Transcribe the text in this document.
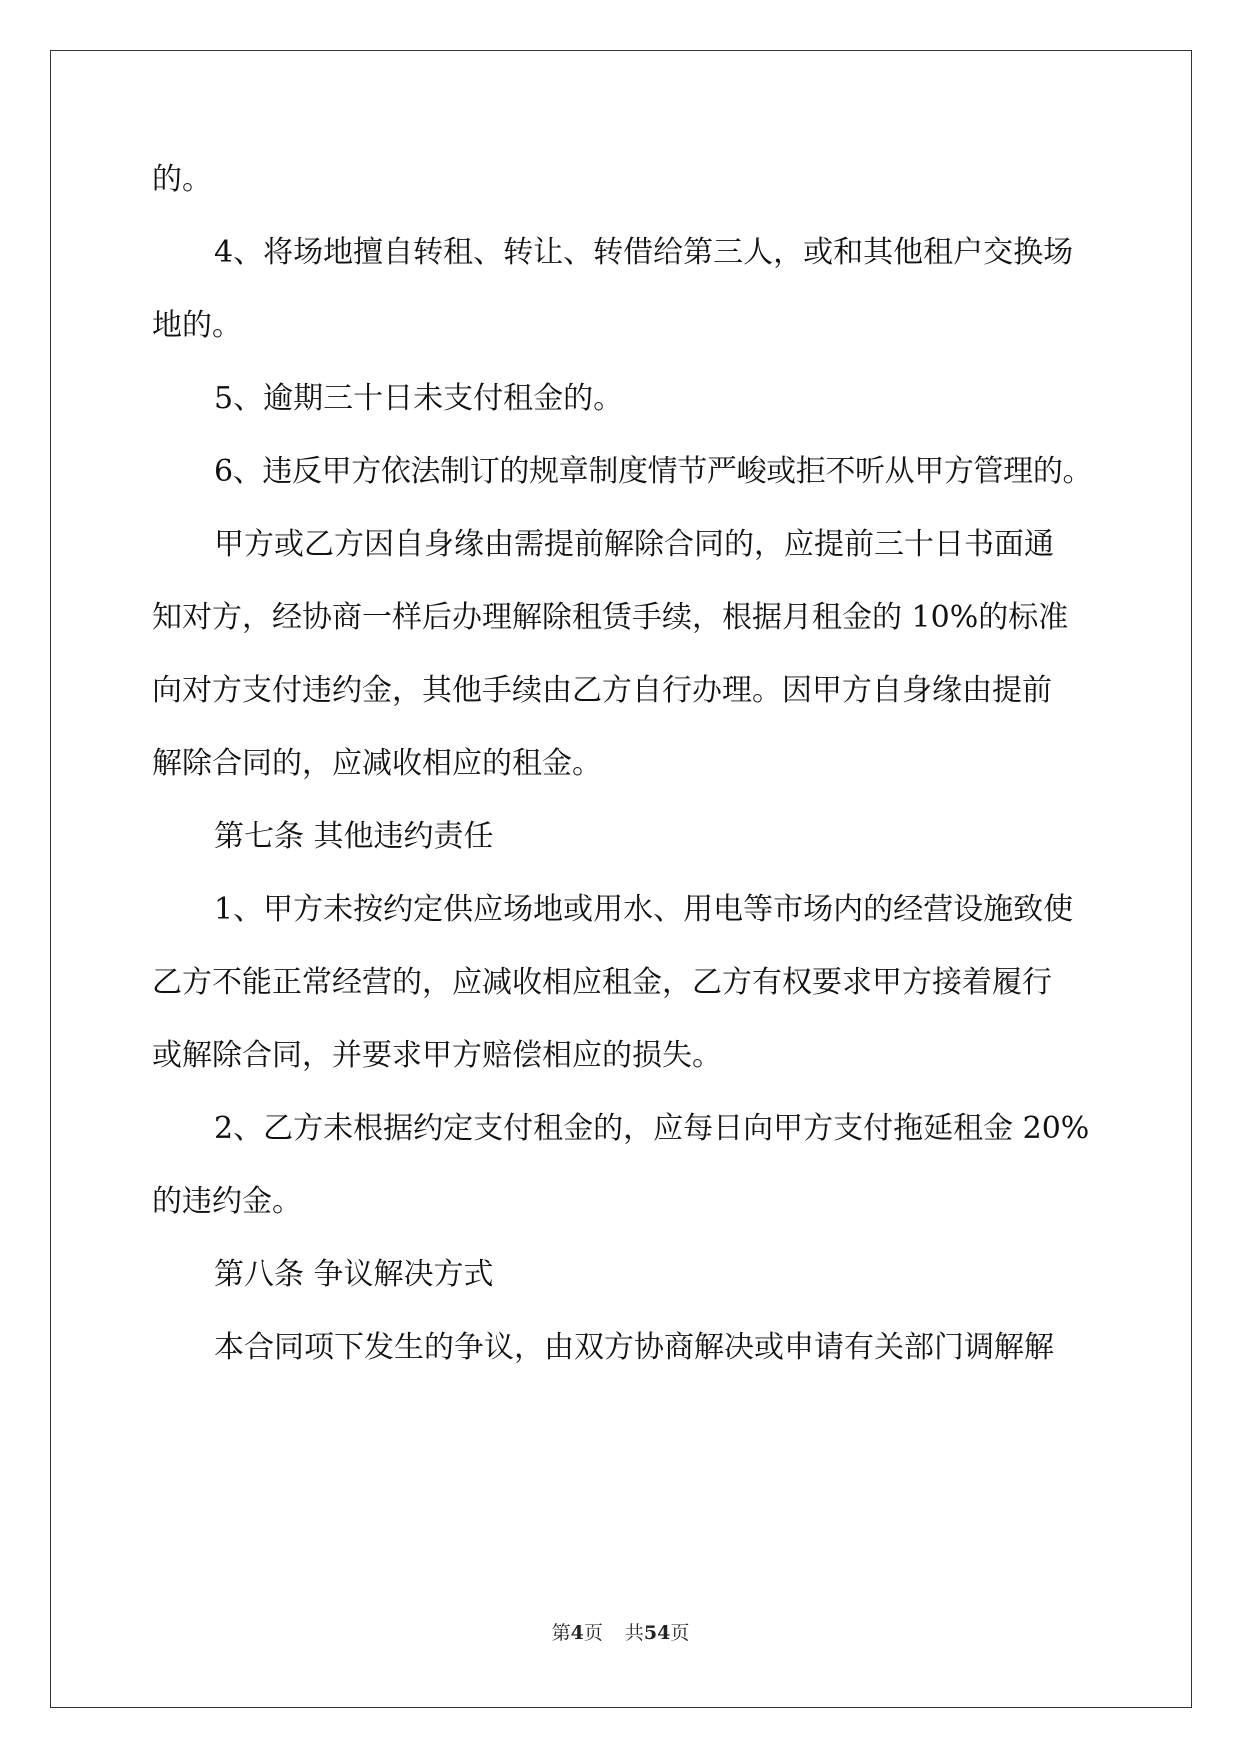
的。
4、将场地擅自转租、转让、转借给第三人，或和其他租户交换场
地的。
5、逾期三十日未支付租金的。
6、违反甲方依法制订的规章制度情节严峻或拒不听从甲方管理的。
甲方或乙方因自身缘由需提前解除合同的，应提前三十日书面通
知对方，经协商一样后办理解除租赁手续，根据月租金的 10%的标准
向对方支付违约金，其他手续由乙方自行办理。因甲方自身缘由提前
解除合同的，应减收相应的租金。
第七条 其他违约责任
1、甲方未按约定供应场地或用水、用电等市场内的经营设施致使
乙方不能正常经营的，应减收相应租金，乙方有权要求甲方接着履行
或解除合同，并要求甲方赔偿相应的损失。
2、乙方未根据约定支付租金的，应每日向甲方支付拖延租金 20%
的违约金。
第八条 争议解决方式
本合同项下发生的争议，由双方协商解决或申请有关部门调解解
第4页 共54页
